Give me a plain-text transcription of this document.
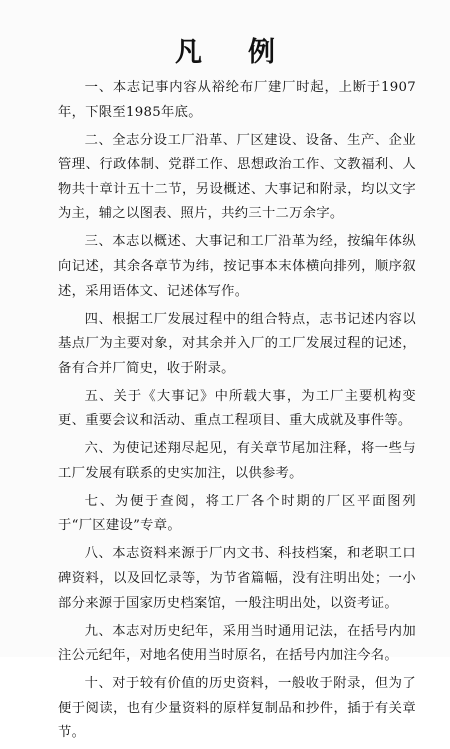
凡例

一、本志记事内容从裕纶布厂建厂时起，上断于1907年，下限至1985年底。

二、全志分设工厂沿革、厂区建设、设备、生产、企业管理、行政体制、党群工作、思想政治工作、文教福利、人物共十章计五十二节，另设概述、大事记和附录，均以文字为主，辅之以图表、照片，共约三十二万余字。

三、本志以概述、大事记和工厂沿革为经，按编年体纵向记述，其余各章节为纬，按记事本末体横向排列，顺序叙述，采用语体文、记述体写作。

四、根据工厂发展过程中的组合特点，志书记述内容以基点厂为主要对象，对其余并入厂的工厂发展过程的记述，备有合并厂简史，收于附录。

五、关于《大事记》中所载大事，为工厂主要机构变更、重要会议和活动、重点工程项目、重大成就及事件等。

六、为使记述翔尽起见，有关章节尾加注释，将一些与工厂发展有联系的史实加注，以供参考。

七、为便于查阅，将工厂各个时期的厂区平面图列于“厂区建设”专章。

八、本志资料来源于厂内文书、科技档案，和老职工口碑资料，以及回忆录等，为节省篇幅，没有注明出处；一小部分来源于国家历史档案馆，一般注明出处，以资考证。

九、本志对历史纪年，采用当时通用记法，在括号内加注公元纪年，对地名使用当时原名，在括号内加注今名。

十、对于较有价值的历史资料，一般收于附录，但为了便于阅读，也有少量资料的原样复制品和抄件，插于有关章节。
